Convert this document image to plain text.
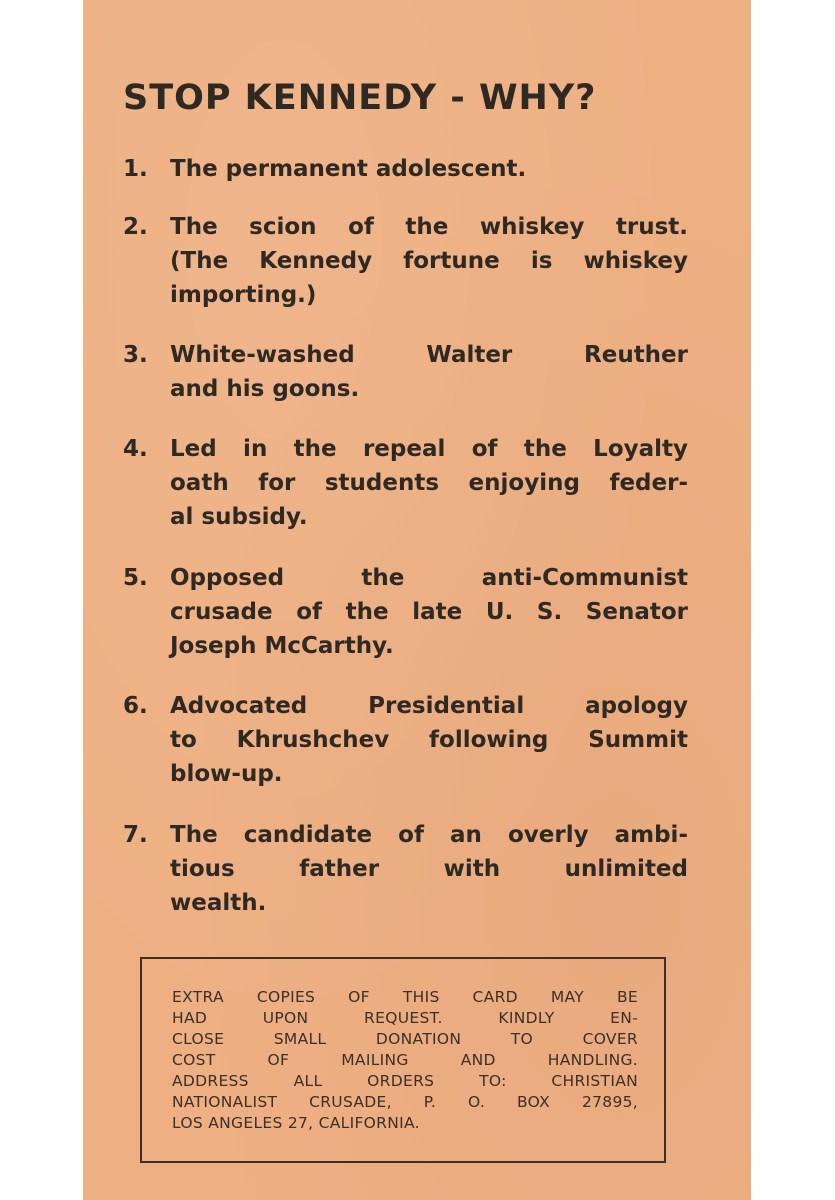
STOP KENNEDY - WHY?
1. The permanent adolescent.
2. The scion of the whiskey trust.
(The Kennedy fortune is whiskey
importing.)
3. White-washed Walter Reuther
and his goons.
4. Led in the repeal of the Loyalty
oath for students enjoying feder-
al subsidy.
5. Opposed the anti-Communist
crusade of the late U. S. Senator
Joseph McCarthy.
6. Advocated Presidential apology
to Khrushchev following Summit
blow-up.
7. The candidate of an overly ambi-
tious father with unlimited
wealth.
EXTRA COPIES OF THIS CARD MAY BE
HAD UPON REQUEST. KINDLY EN-
CLOSE SMALL DONATION TO COVER
COST OF MAILING AND HANDLING.
ADDRESS ALL ORDERS TO: CHRISTIAN
NATIONALIST CRUSADE, P. O. BOX 27895,
LOS ANGELES 27, CALIFORNIA.
